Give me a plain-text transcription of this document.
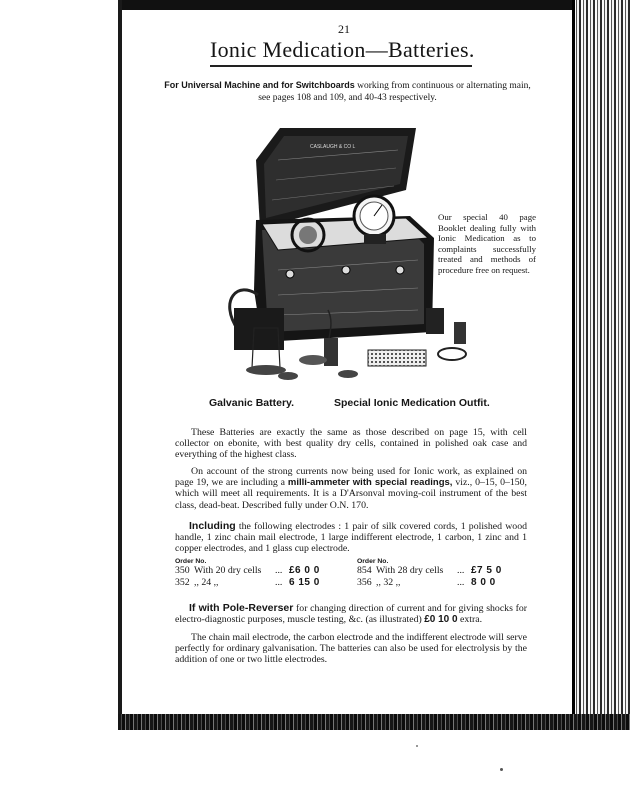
21
Ionic Medication—Batteries.
For Universal Machine and for Switchboards working from continuous or alternating main,
see pages 108 and 109, and 40-43 respectively.
CASLAUGH & CO L
Our special 40 page Booklet dealing fully with Ionic Medication as to complaints successfully treated and methods of procedure free on request.
Galvanic Battery.	Special Ionic Medication Outfit.
These Batteries are exactly the same as those described on page 15, with cell collector on ebonite, with best quality dry cells, contained in polished oak case and everything of the highest class.
On account of the strong currents now being used for Ionic work, as explained on page 19, we are including a milli-ammeter with special readings, viz., 0–15, 0–150, which will meet all requirements. It is a D'Arsonval moving-coil instrument of the best class, dead-beat. Described fully under O.N. 170.
Including the following electrodes : 1 pair of silk covered cords, 1 polished wood handle, 1 zinc chain mail electrode, 1 large indifferent electrode, 1 carbon, 1 zinc and 1 copper electrodes, and 1 glass cup electrode.
Order No.
350 With 20 dry cells ... £6 0 0
352 ,, 24 ,,	... 6 15 0
Order No.
854 With 28 dry cells ... £7 5 0
356 ,, 32 ,,	... 8 0 0
If with Pole-Reverser for changing direction of current and for giving shocks for electro-diagnostic purposes, muscle testing, &c. (as illustrated) £0 10 0 extra.
The chain mail electrode, the carbon electrode and the indifferent electrode will serve perfectly for ordinary galvanisation. The batteries can also be used for electrolysis by the addition of one or two little electrodes.
